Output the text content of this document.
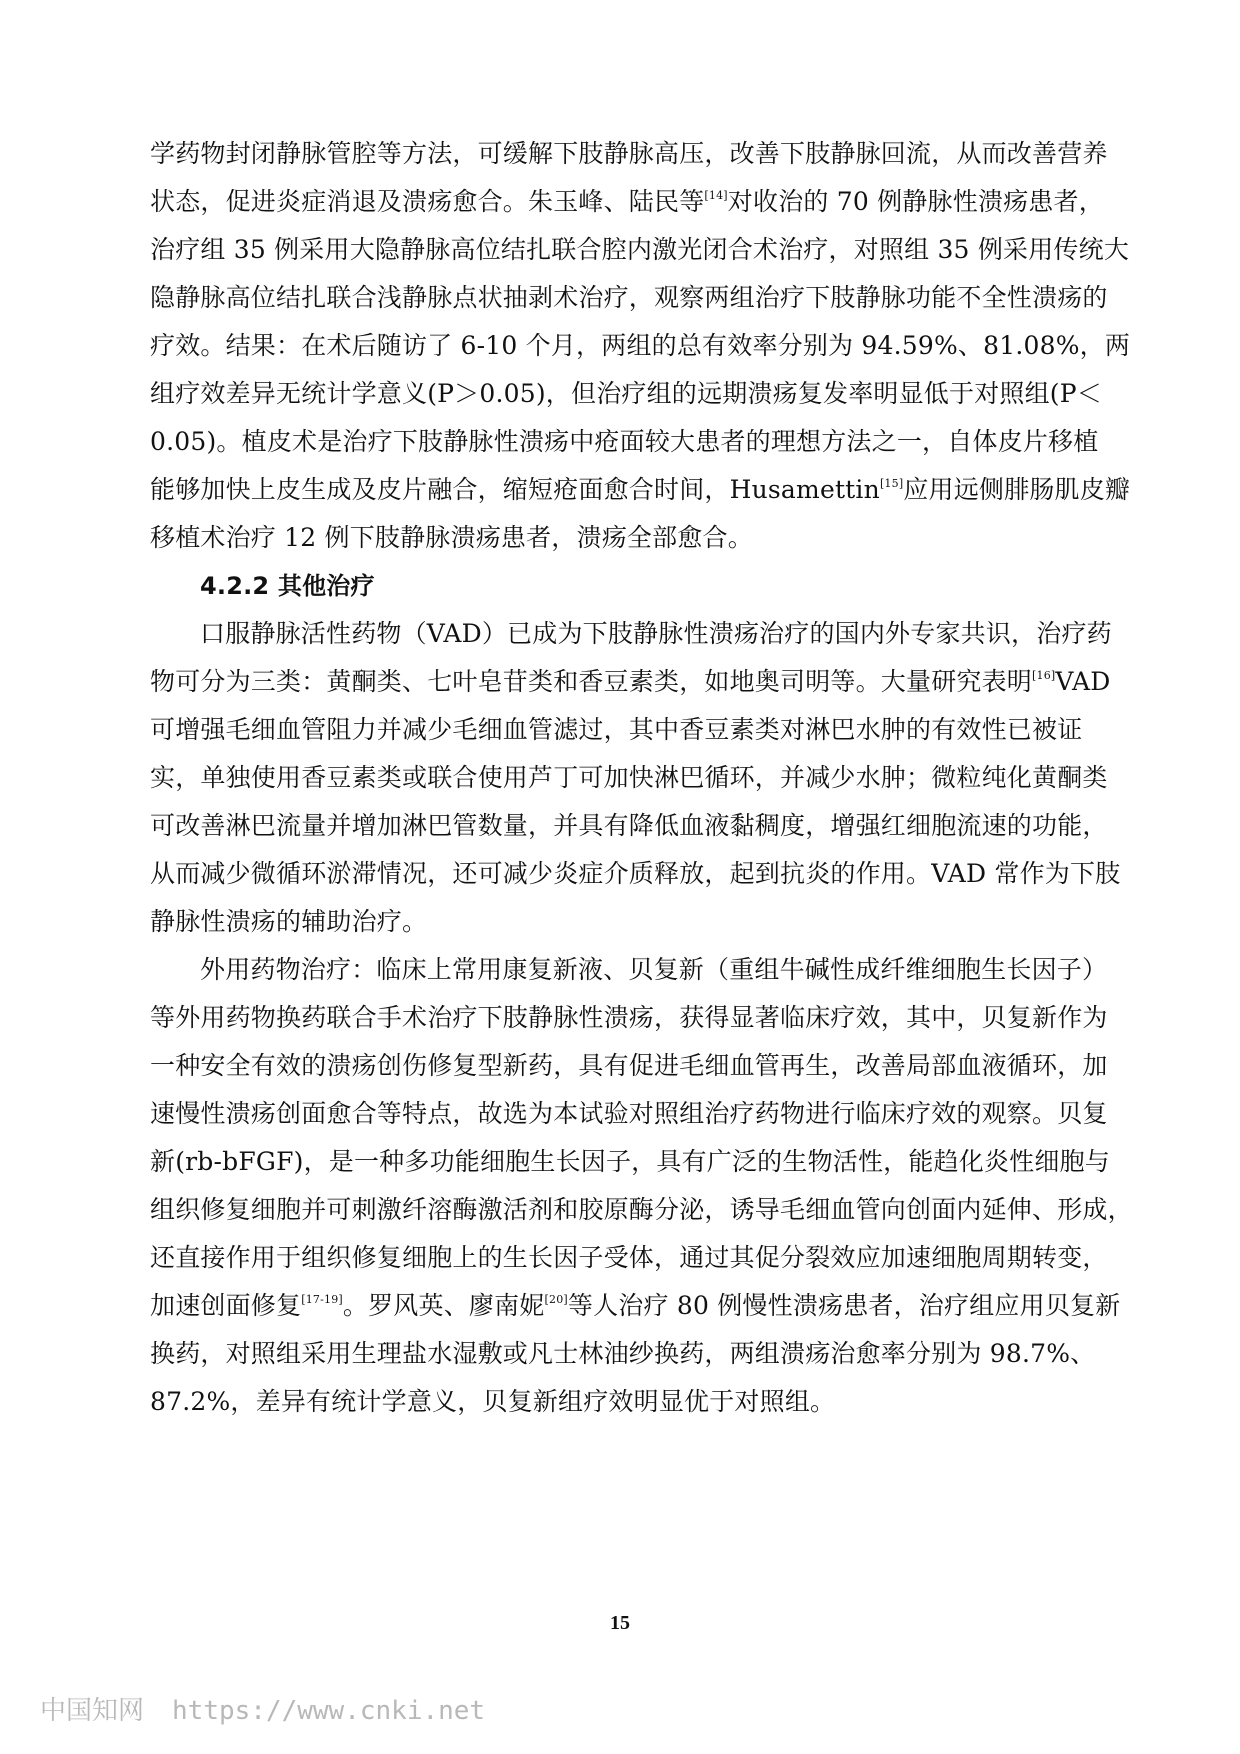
学药物封闭静脉管腔等方法，可缓解下肢静脉高压，改善下肢静脉回流，从而改善营养
状态，促进炎症消退及溃疡愈合。朱玉峰、陆民等[14]对收治的 70 例静脉性溃疡患者，
治疗组 35 例采用大隐静脉高位结扎联合腔内激光闭合术治疗，对照组 35 例采用传统大
隐静脉高位结扎联合浅静脉点状抽剥术治疗，观察两组治疗下肢静脉功能不全性溃疡的
疗效。结果：在术后随访了 6-10 个月，两组的总有效率分别为 94.59%、81.08%，两
组疗效差异无统计学意义(P＞0.05)，但治疗组的远期溃疡复发率明显低于对照组(P＜
0.05)。植皮术是治疗下肢静脉性溃疡中疮面较大患者的理想方法之一，自体皮片移植
能够加快上皮生成及皮片融合，缩短疮面愈合时间，Husamettin[15]应用远侧腓肠肌皮瓣
移植术治疗 12 例下肢静脉溃疡患者，溃疡全部愈合。
4.2.2 其他治疗
口服静脉活性药物（VAD）已成为下肢静脉性溃疡治疗的国内外专家共识，治疗药
物可分为三类：黄酮类、七叶皂苷类和香豆素类，如地奥司明等。大量研究表明[16]VAD
可增强毛细血管阻力并减少毛细血管滤过，其中香豆素类对淋巴水肿的有效性已被证
实，单独使用香豆素类或联合使用芦丁可加快淋巴循环，并减少水肿；微粒纯化黄酮类
可改善淋巴流量并增加淋巴管数量，并具有降低血液黏稠度，增强红细胞流速的功能，
从而减少微循环淤滞情况，还可减少炎症介质释放，起到抗炎的作用。VAD 常作为下肢
静脉性溃疡的辅助治疗。
外用药物治疗：临床上常用康复新液、贝复新（重组牛碱性成纤维细胞生长因子）
等外用药物换药联合手术治疗下肢静脉性溃疡，获得显著临床疗效，其中，贝复新作为
一种安全有效的溃疡创伤修复型新药，具有促进毛细血管再生，改善局部血液循环，加
速慢性溃疡创面愈合等特点，故选为本试验对照组治疗药物进行临床疗效的观察。贝复
新(rb-bFGF)，是一种多功能细胞生长因子，具有广泛的生物活性，能趋化炎性细胞与
组织修复细胞并可刺激纤溶酶激活剂和胶原酶分泌，诱导毛细血管向创面内延伸、形成，
还直接作用于组织修复细胞上的生长因子受体，通过其促分裂效应加速细胞周期转变，
加速创面修复[17-19]。罗风英、廖南妮[20]等人治疗 80 例慢性溃疡患者，治疗组应用贝复新
换药，对照组采用生理盐水湿敷或凡士林油纱换药，两组溃疡治愈率分别为 98.7%、
87.2%，差异有统计学意义，贝复新组疗效明显优于对照组。
15
中国知网 https://www.cnki.net
